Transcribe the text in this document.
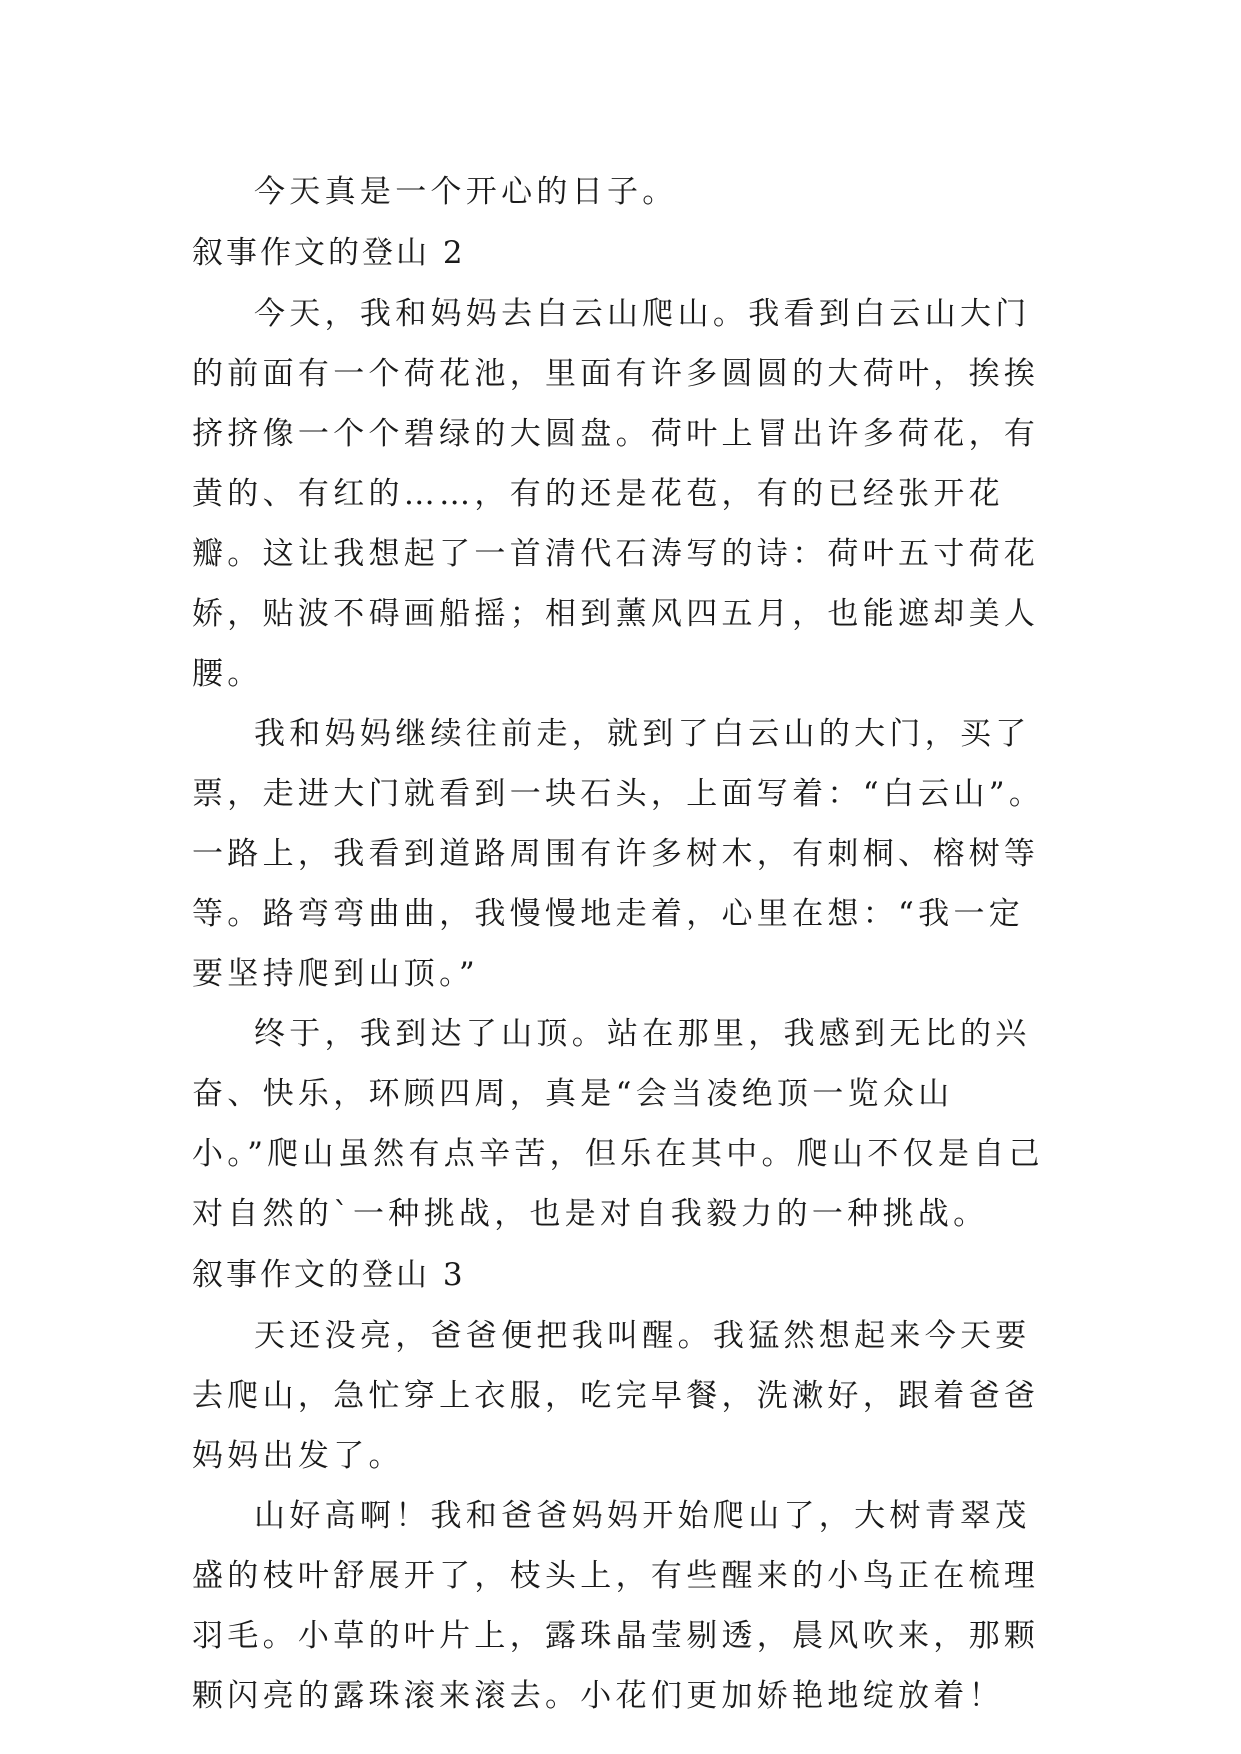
今天真是一个开心的日子。

叙事作文的登山 2

今天，我和妈妈去白云山爬山。我看到白云山大门的前面有一个荷花池，里面有许多圆圆的大荷叶，挨挨挤挤像一个个碧绿的大圆盘。荷叶上冒出许多荷花，有黄的、有红的……，有的还是花苞，有的已经张开花瓣。这让我想起了一首清代石涛写的诗：荷叶五寸荷花娇，贴波不碍画船摇；相到薰风四五月，也能遮却美人腰。

我和妈妈继续往前走，就到了白云山的大门，买了票，走进大门就看到一块石头，上面写着：“白云山”。一路上，我看到道路周围有许多树木，有刺桐、榕树等等。路弯弯曲曲，我慢慢地走着，心里在想：“我一定要坚持爬到山顶。”

终于，我到达了山顶。站在那里，我感到无比的兴奋、快乐，环顾四周，真是“会当凌绝顶一览众山小。”爬山虽然有点辛苦，但乐在其中。爬山不仅是自己对自然的`一种挑战，也是对自我毅力的一种挑战。

叙事作文的登山 3

天还没亮，爸爸便把我叫醒。我猛然想起来今天要去爬山，急忙穿上衣服，吃完早餐，洗漱好，跟着爸爸妈妈出发了。

山好高啊！我和爸爸妈妈开始爬山了，大树青翠茂盛的枝叶舒展开了，枝头上，有些醒来的小鸟正在梳理羽毛。小草的叶片上，露珠晶莹剔透，晨风吹来，那颗颗闪亮的露珠滚来滚去。小花们更加娇艳地绽放着！
